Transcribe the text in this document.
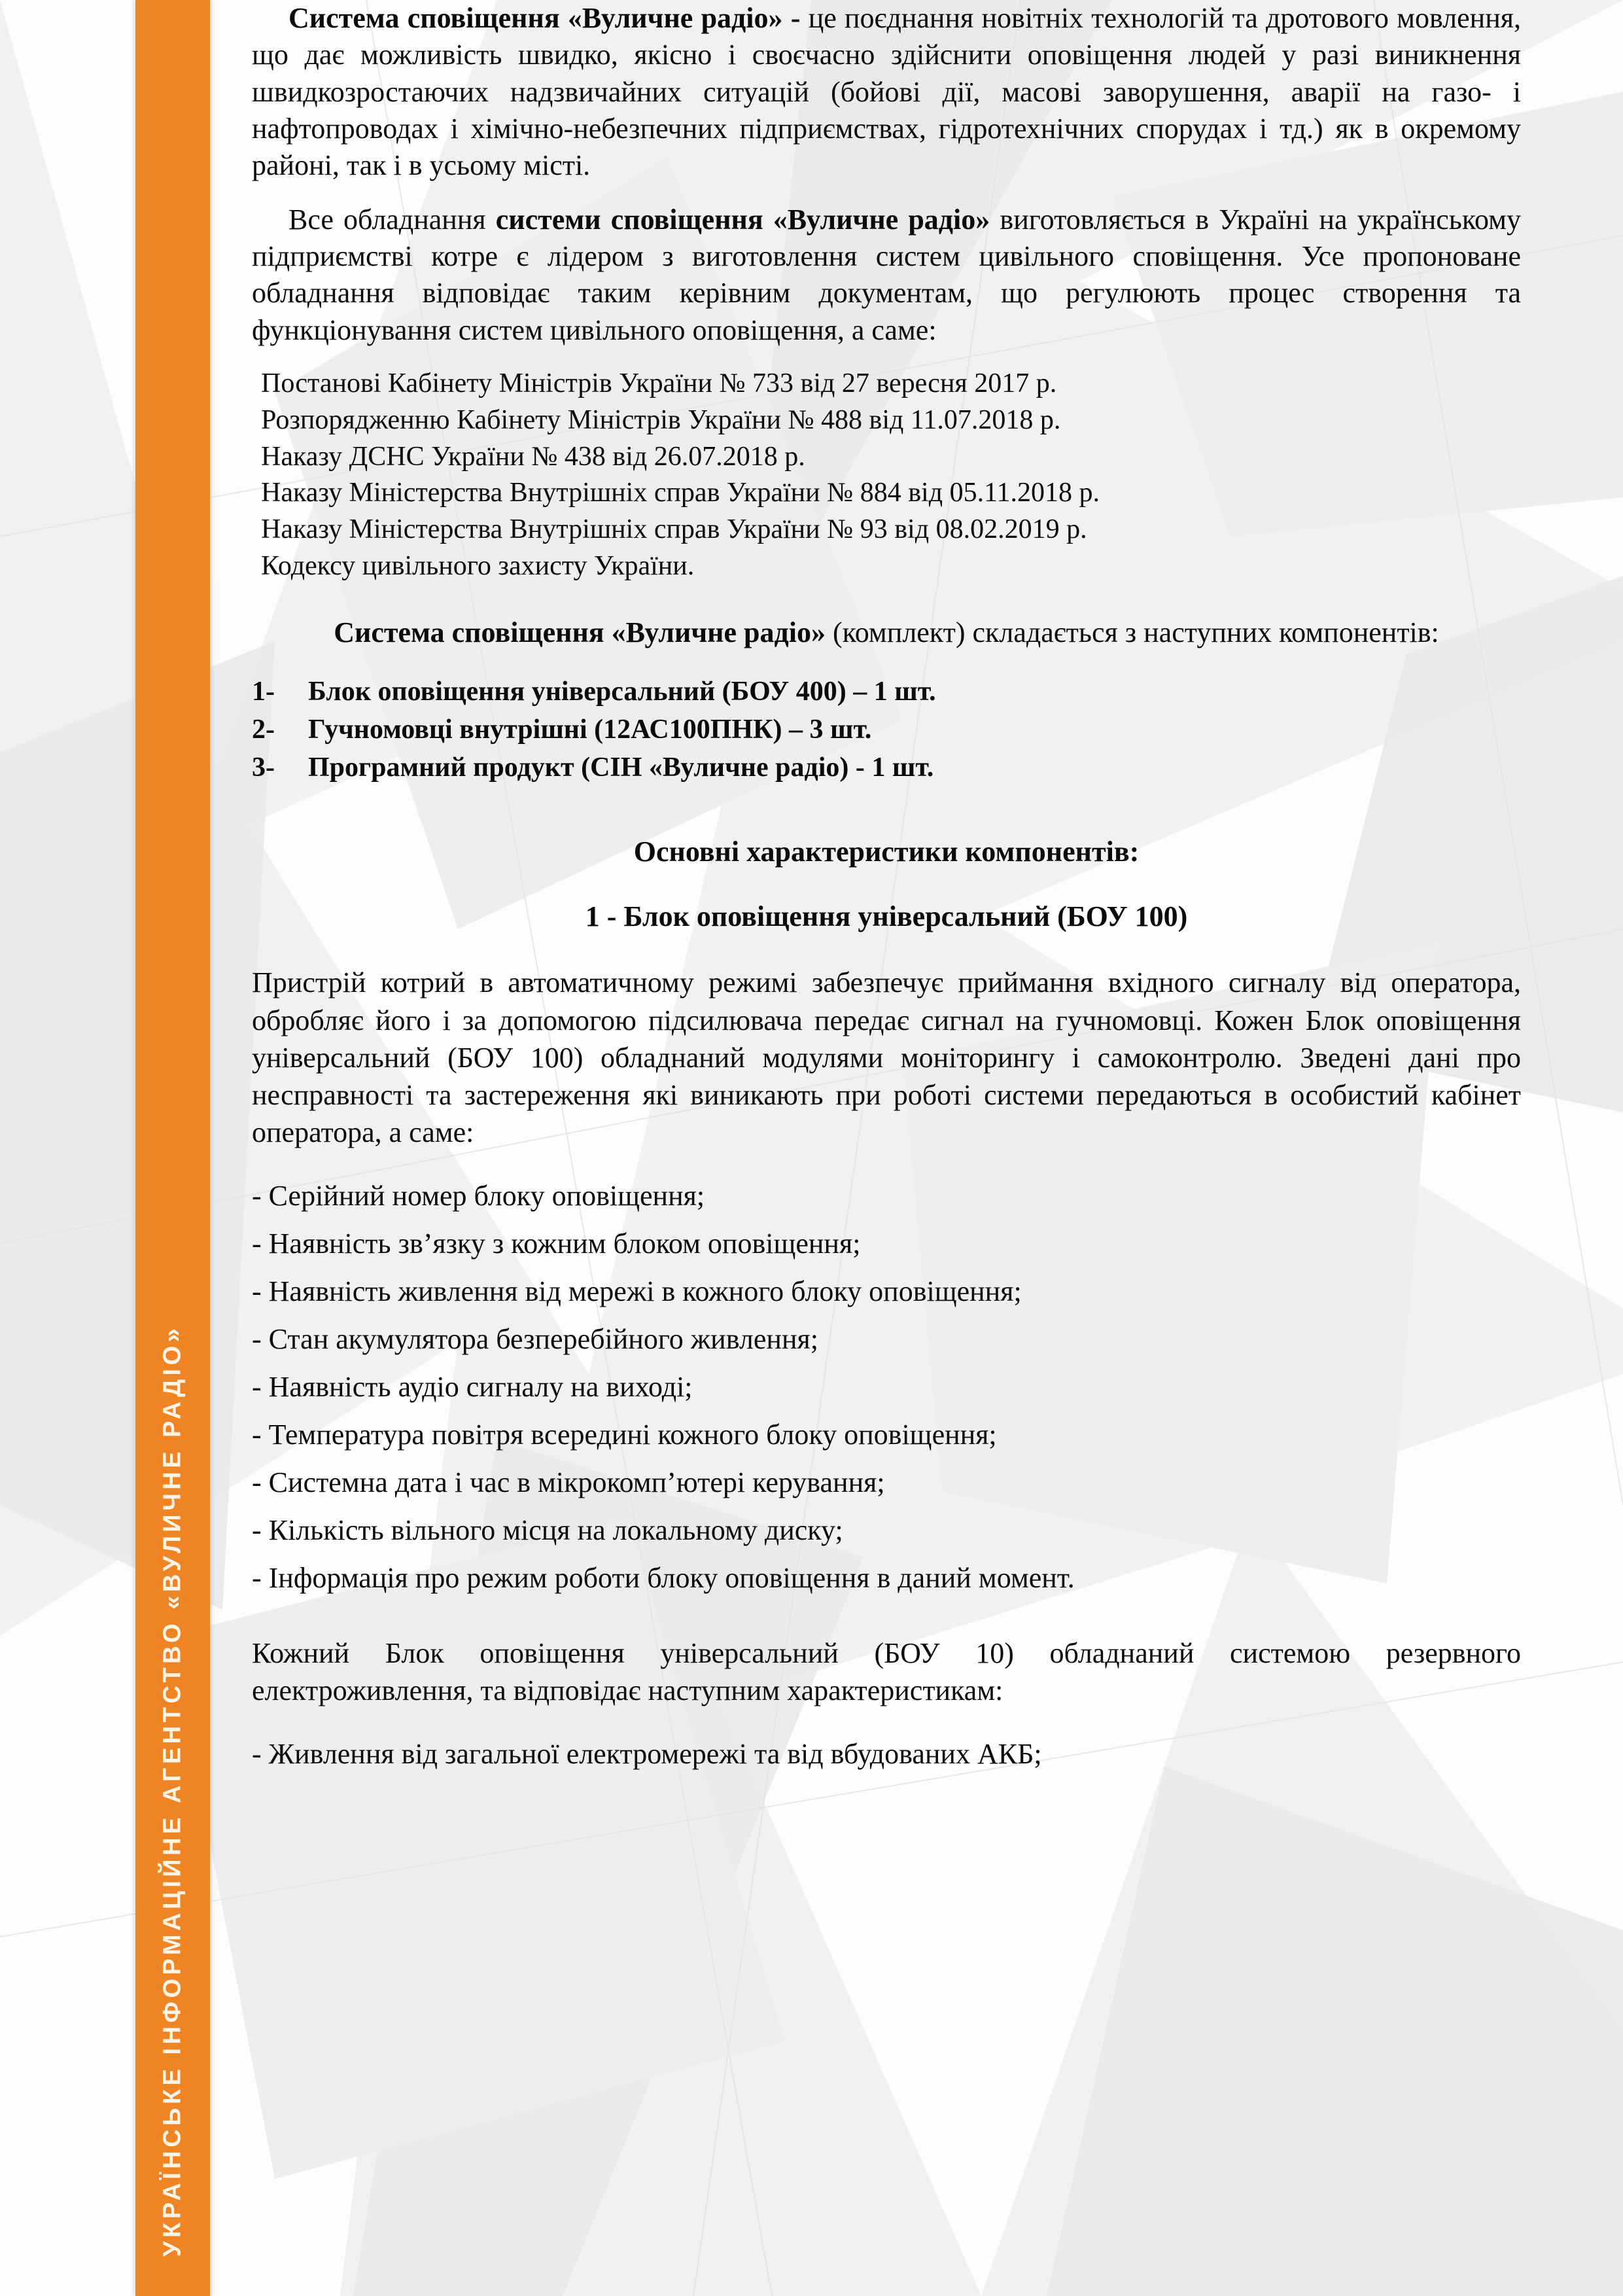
УКРАЇНСЬКЕ ІНФОРМАЦІЙНЕ АГЕНТСТВО «ВУЛИЧНЕ РАДІО»

Система сповіщення «Вуличне радіо» - це поєднання новітніх технологій та дротового мовлення, що дає можливість швидко, якісно і своєчасно здійснити оповіщення людей у разі виникнення швидкозростаючих надзвичайних ситуацій (бойові дії, масові заворушення, аварії на газо- і нафтопроводах і хімічно-небезпечних підприємствах, гідротехнічних спорудах і тд.) як в окремому районі, так і в усьому місті.

Все обладнання системи сповіщення «Вуличне радіо» виготовляється в Україні на українському підприємстві котре є лідером з виготовлення систем цивільного сповіщення. Усе пропоноване обладнання відповідає таким керівним документам, що регулюють процес створення та функціонування систем цивільного оповіщення, а саме:

Постанові Кабінету Міністрів України № 733 від 27 вересня 2017 р.
Розпорядженню Кабінету Міністрів України № 488 від 11.07.2018 р.
Наказу ДСНС України № 438 від 26.07.2018 р.
Наказу Міністерства Внутрішніх справ України № 884 від 05.11.2018 р.
Наказу Міністерства Внутрішніх справ України № 93 від 08.02.2019 р.
Кодексу цивільного захисту України.

Система сповіщення «Вуличне радіо» (комплект) складається з наступних компонентів:

1-	Блок оповіщення універсальний (БОУ 400) – 1 шт.
2-	Гучномовці внутрішні (12АС100ПНК) – 3 шт.
3-	Програмний продукт (СІН «Вуличне радіо) - 1 шт.

Основні характеристики компонентів:

1 - Блок оповіщення універсальний (БОУ 100)

Пристрій котрий в автоматичному режимі забезпечує приймання вхідного сигналу від оператора, обробляє його і за допомогою підсилювача передає сигнал на гучномовці. Кожен Блок оповіщення універсальний (БОУ 100) обладнаний модулями моніторингу і самоконтролю. Зведені дані про несправності та застереження які виникають при роботі системи передаються в особистий кабінет оператора, а саме:

- Серійний номер блоку оповіщення;

- Наявність зв’язку з кожним блоком оповіщення;

- Наявність живлення від мережі в кожного блоку оповіщення;

- Стан акумулятора безперебійного живлення;

- Наявність аудіо сигналу на виході;

- Температура повітря всередині кожного блоку оповіщення;

- Системна дата і час в мікрокомп’ютері керування;

- Кількість вільного місця на локальному диску;

- Інформація про режим роботи блоку оповіщення в даний момент.

Кожний Блок оповіщення універсальний (БОУ 10) обладнаний системою резервного електроживлення, та відповідає наступним характеристикам:

- Живлення від загальної електромережі та від вбудованих АКБ;
